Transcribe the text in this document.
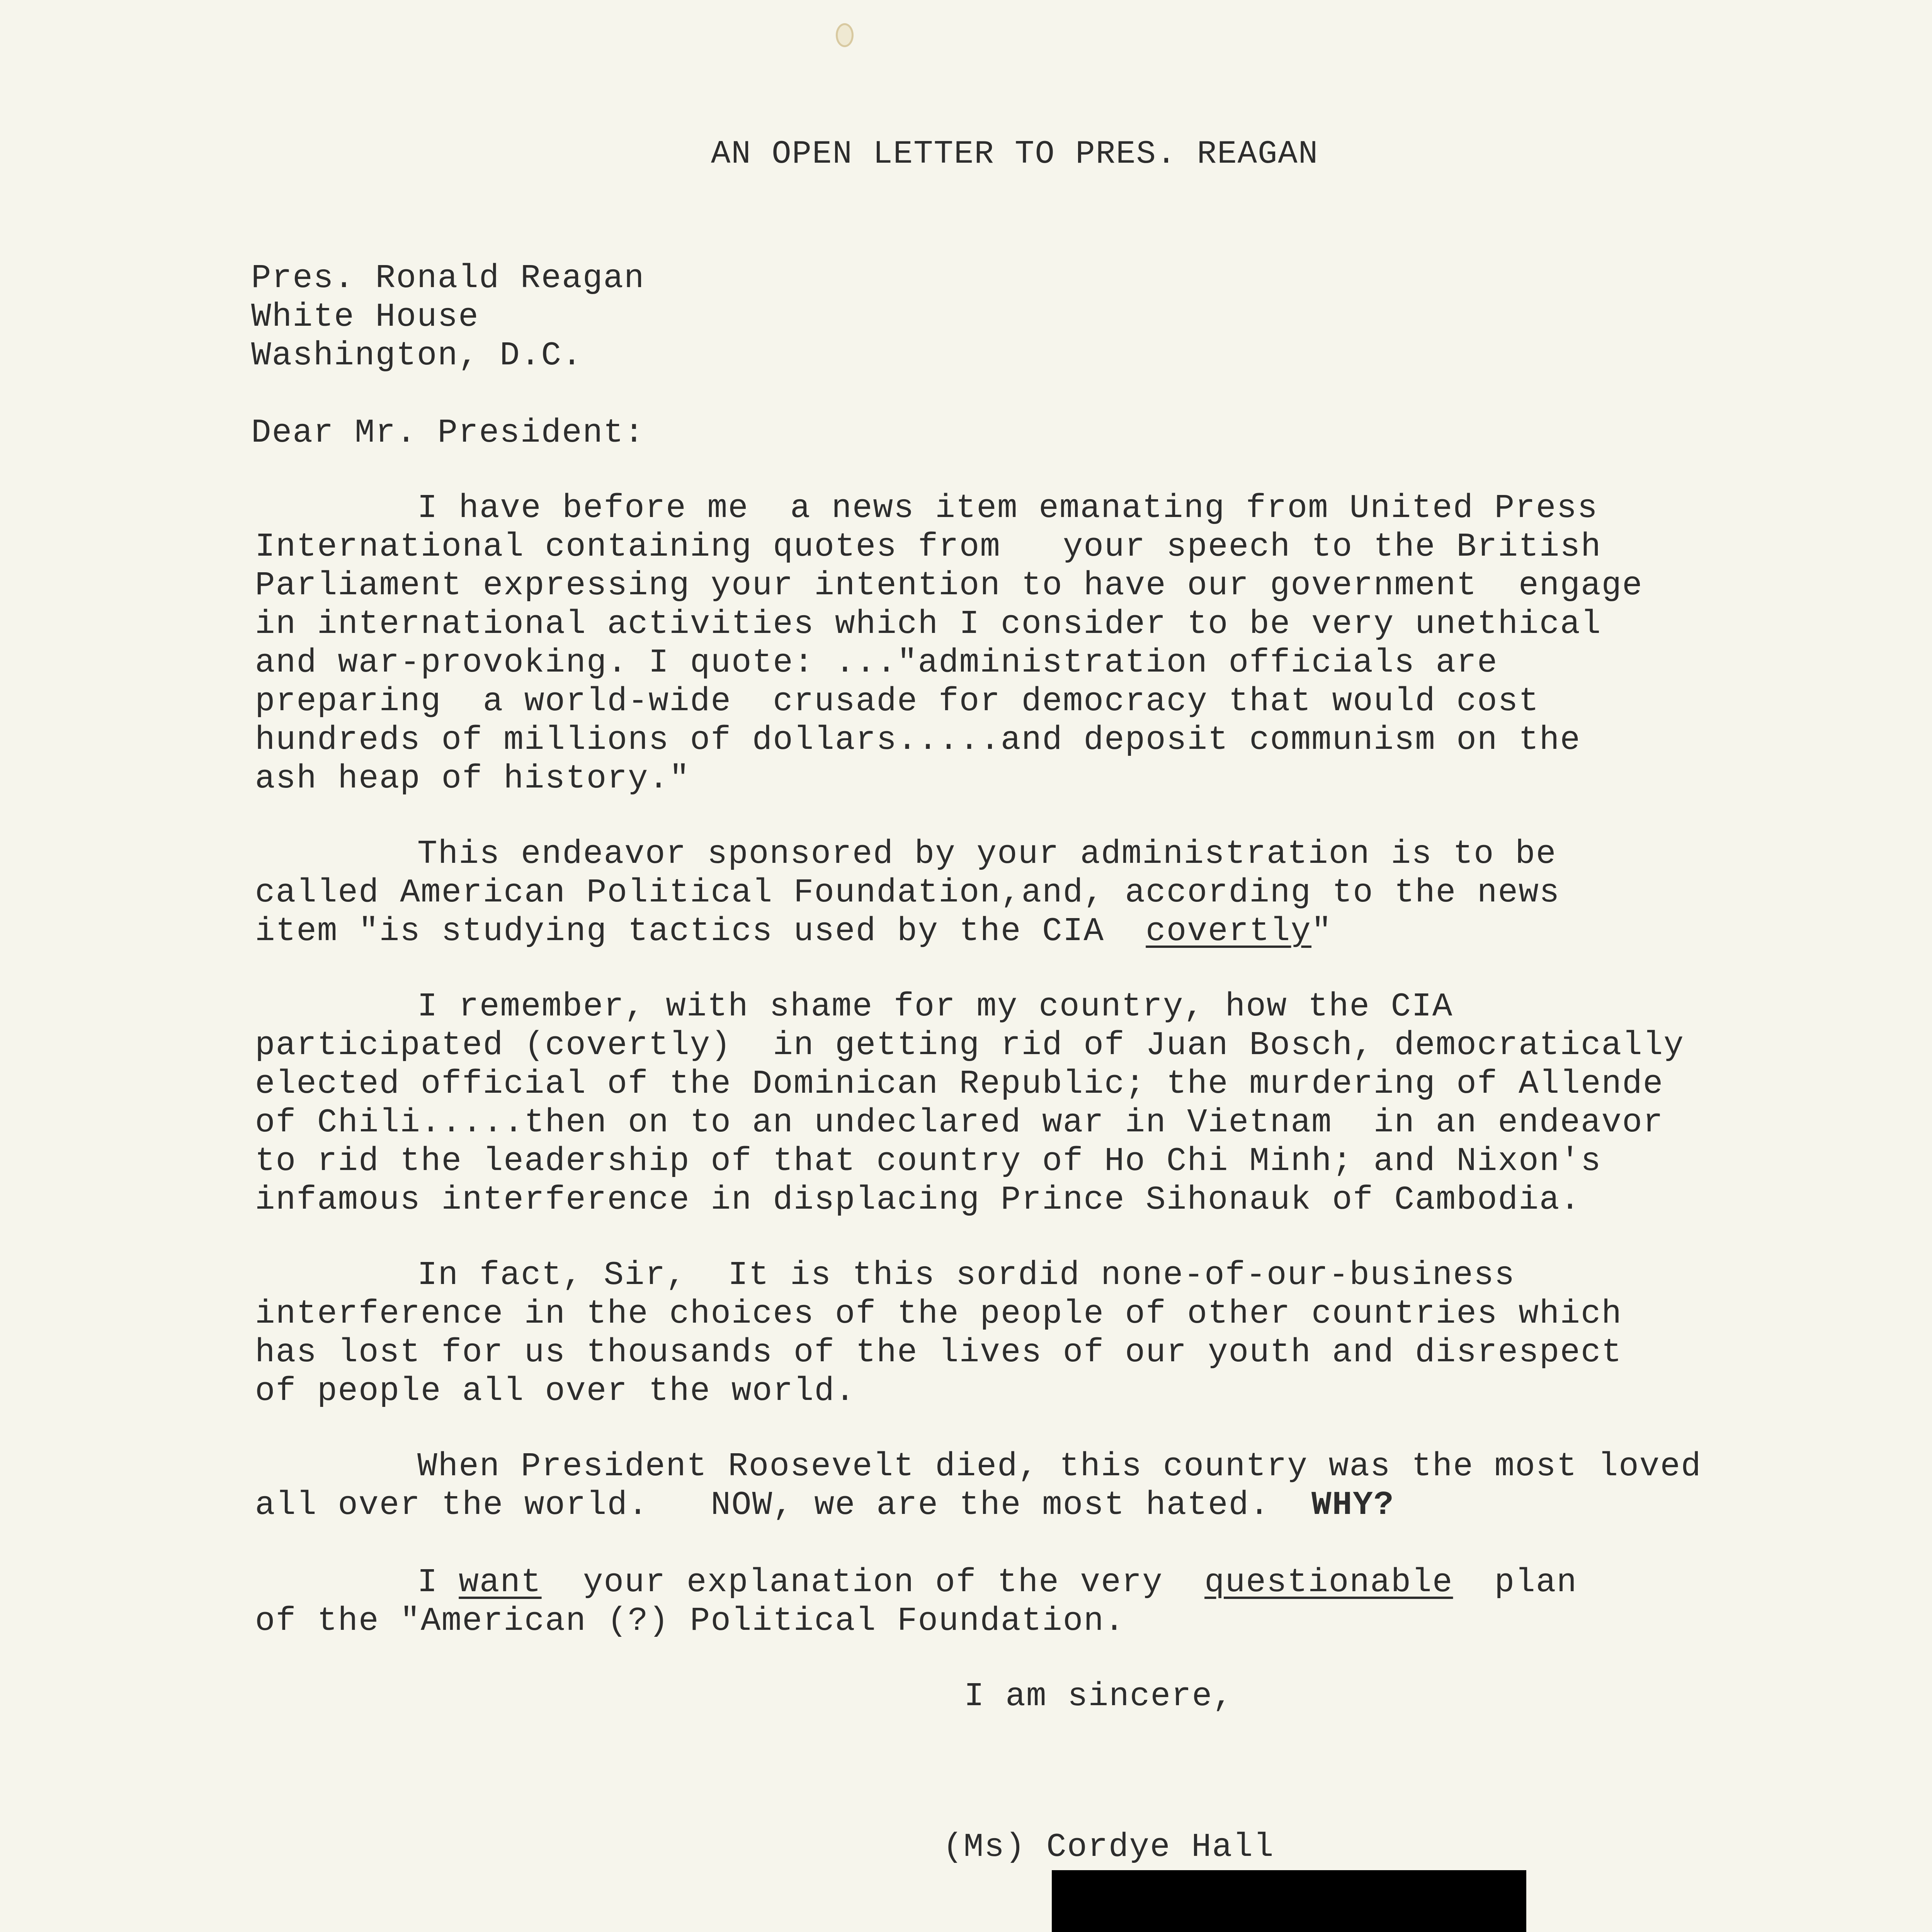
AN OPEN LETTER TO PRES. REAGAN

Pres. Ronald Reagan

White House

Washington, D.C.

Dear Mr. President:

I have before me  a news item emanating from United Press

International containing quotes from   your speech to the British

Parliament expressing your intention to have our government  engage

in international activities which I consider to be very unethical

and war-provoking. I quote: ..."administration officials are

preparing  a world-wide  crusade for democracy that would cost

hundreds of millions of dollars.....and deposit communism on the

ash heap of history."

This endeavor sponsored by your administration is to be

called American Political Foundation,and, according to the news

item "is studying tactics used by the CIA  covertly"

I remember, with shame for my country, how the CIA

participated (covertly)  in getting rid of Juan Bosch, democratically

elected official of the Dominican Republic; the murdering of Allende

of Chili.....then on to an undeclared war in Vietnam  in an endeavor

to rid the leadership of that country of Ho Chi Minh; and Nixon's

infamous interference in displacing Prince Sihonauk of Cambodia.

In fact, Sir,  It is this sordid none-of-our-business

interference in the choices of the people of other countries which

has lost for us thousands of the lives of our youth and disrespect

of people all over the world.

When President Roosevelt died, this country was the most loved

all over the world.   NOW, we are the most hated.  WHY?

I want  your explanation of the very  questionable  plan

of the "American (?) Political Foundation.

I am sincere,

(Ms) Cordye Hall
